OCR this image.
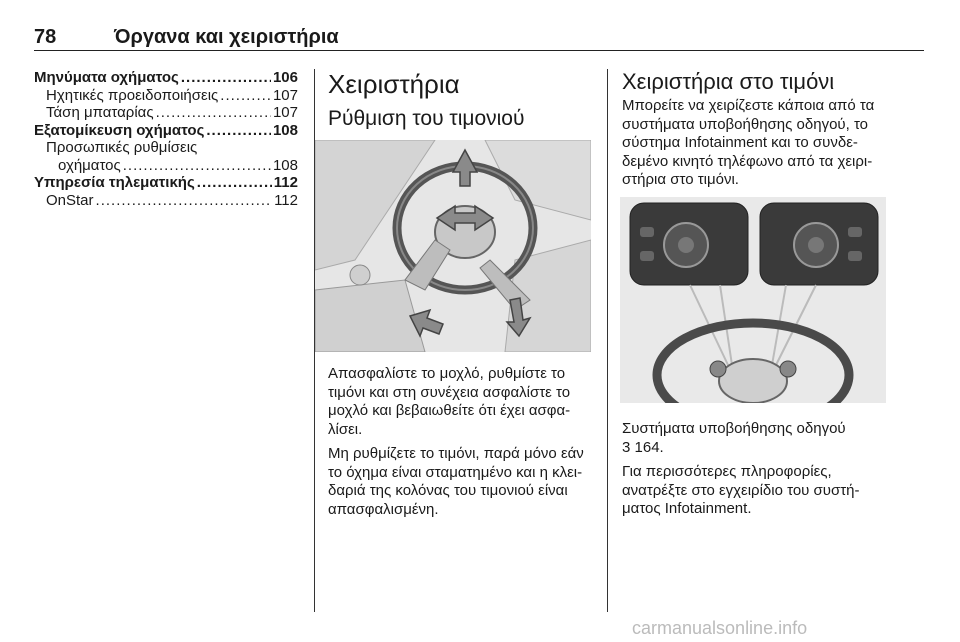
78	Όργανα και χειριστήρια
Μηνύματα οχήματος .....	106
Ηχητικές προειδοποιήσεις .....	107
Τάση μπαταρίας .....	107
Εξατομίκευση οχήματος .....	108
Προσωπικές ρυθμίσεις
οχήματος .....	108
Υπηρεσία τηλεματικής .....	112
OnStar .....	112
Χειριστήρια
Ρύθμιση του τιμονιού

Απασφαλίστε το μοχλό, ρυθμίστε το

τιμόνι και στη συνέχεια ασφαλίστε το

μοχλό και βεβαιωθείτε ότι έχει ασφα-

λίσει.

Μη ρυθμίζετε το τιμόνι, παρά μόνο εάν

το όχημα είναι σταματημένο και η κλει-

δαριά της κολόνας του τιμονιού είναι

απασφαλισμένη.

Χειριστήρια στο τιμόνι

Μπορείτε να χειρίζεστε κάποια από τα

συστήματα υποβοήθησης οδηγού, το

σύστημα Infotainment και το συνδε-

δεμένο κινητό τηλέφωνο από τα χειρι-

στήρια στο τιμόνι.

Συστήματα υποβοήθησης οδηγού

3 164.

Για περισσότερες πληροφορίες,

ανατρέξτε στο εγχειρίδιο του συστή-

ματος Infotainment.

carmanualsonline.info
